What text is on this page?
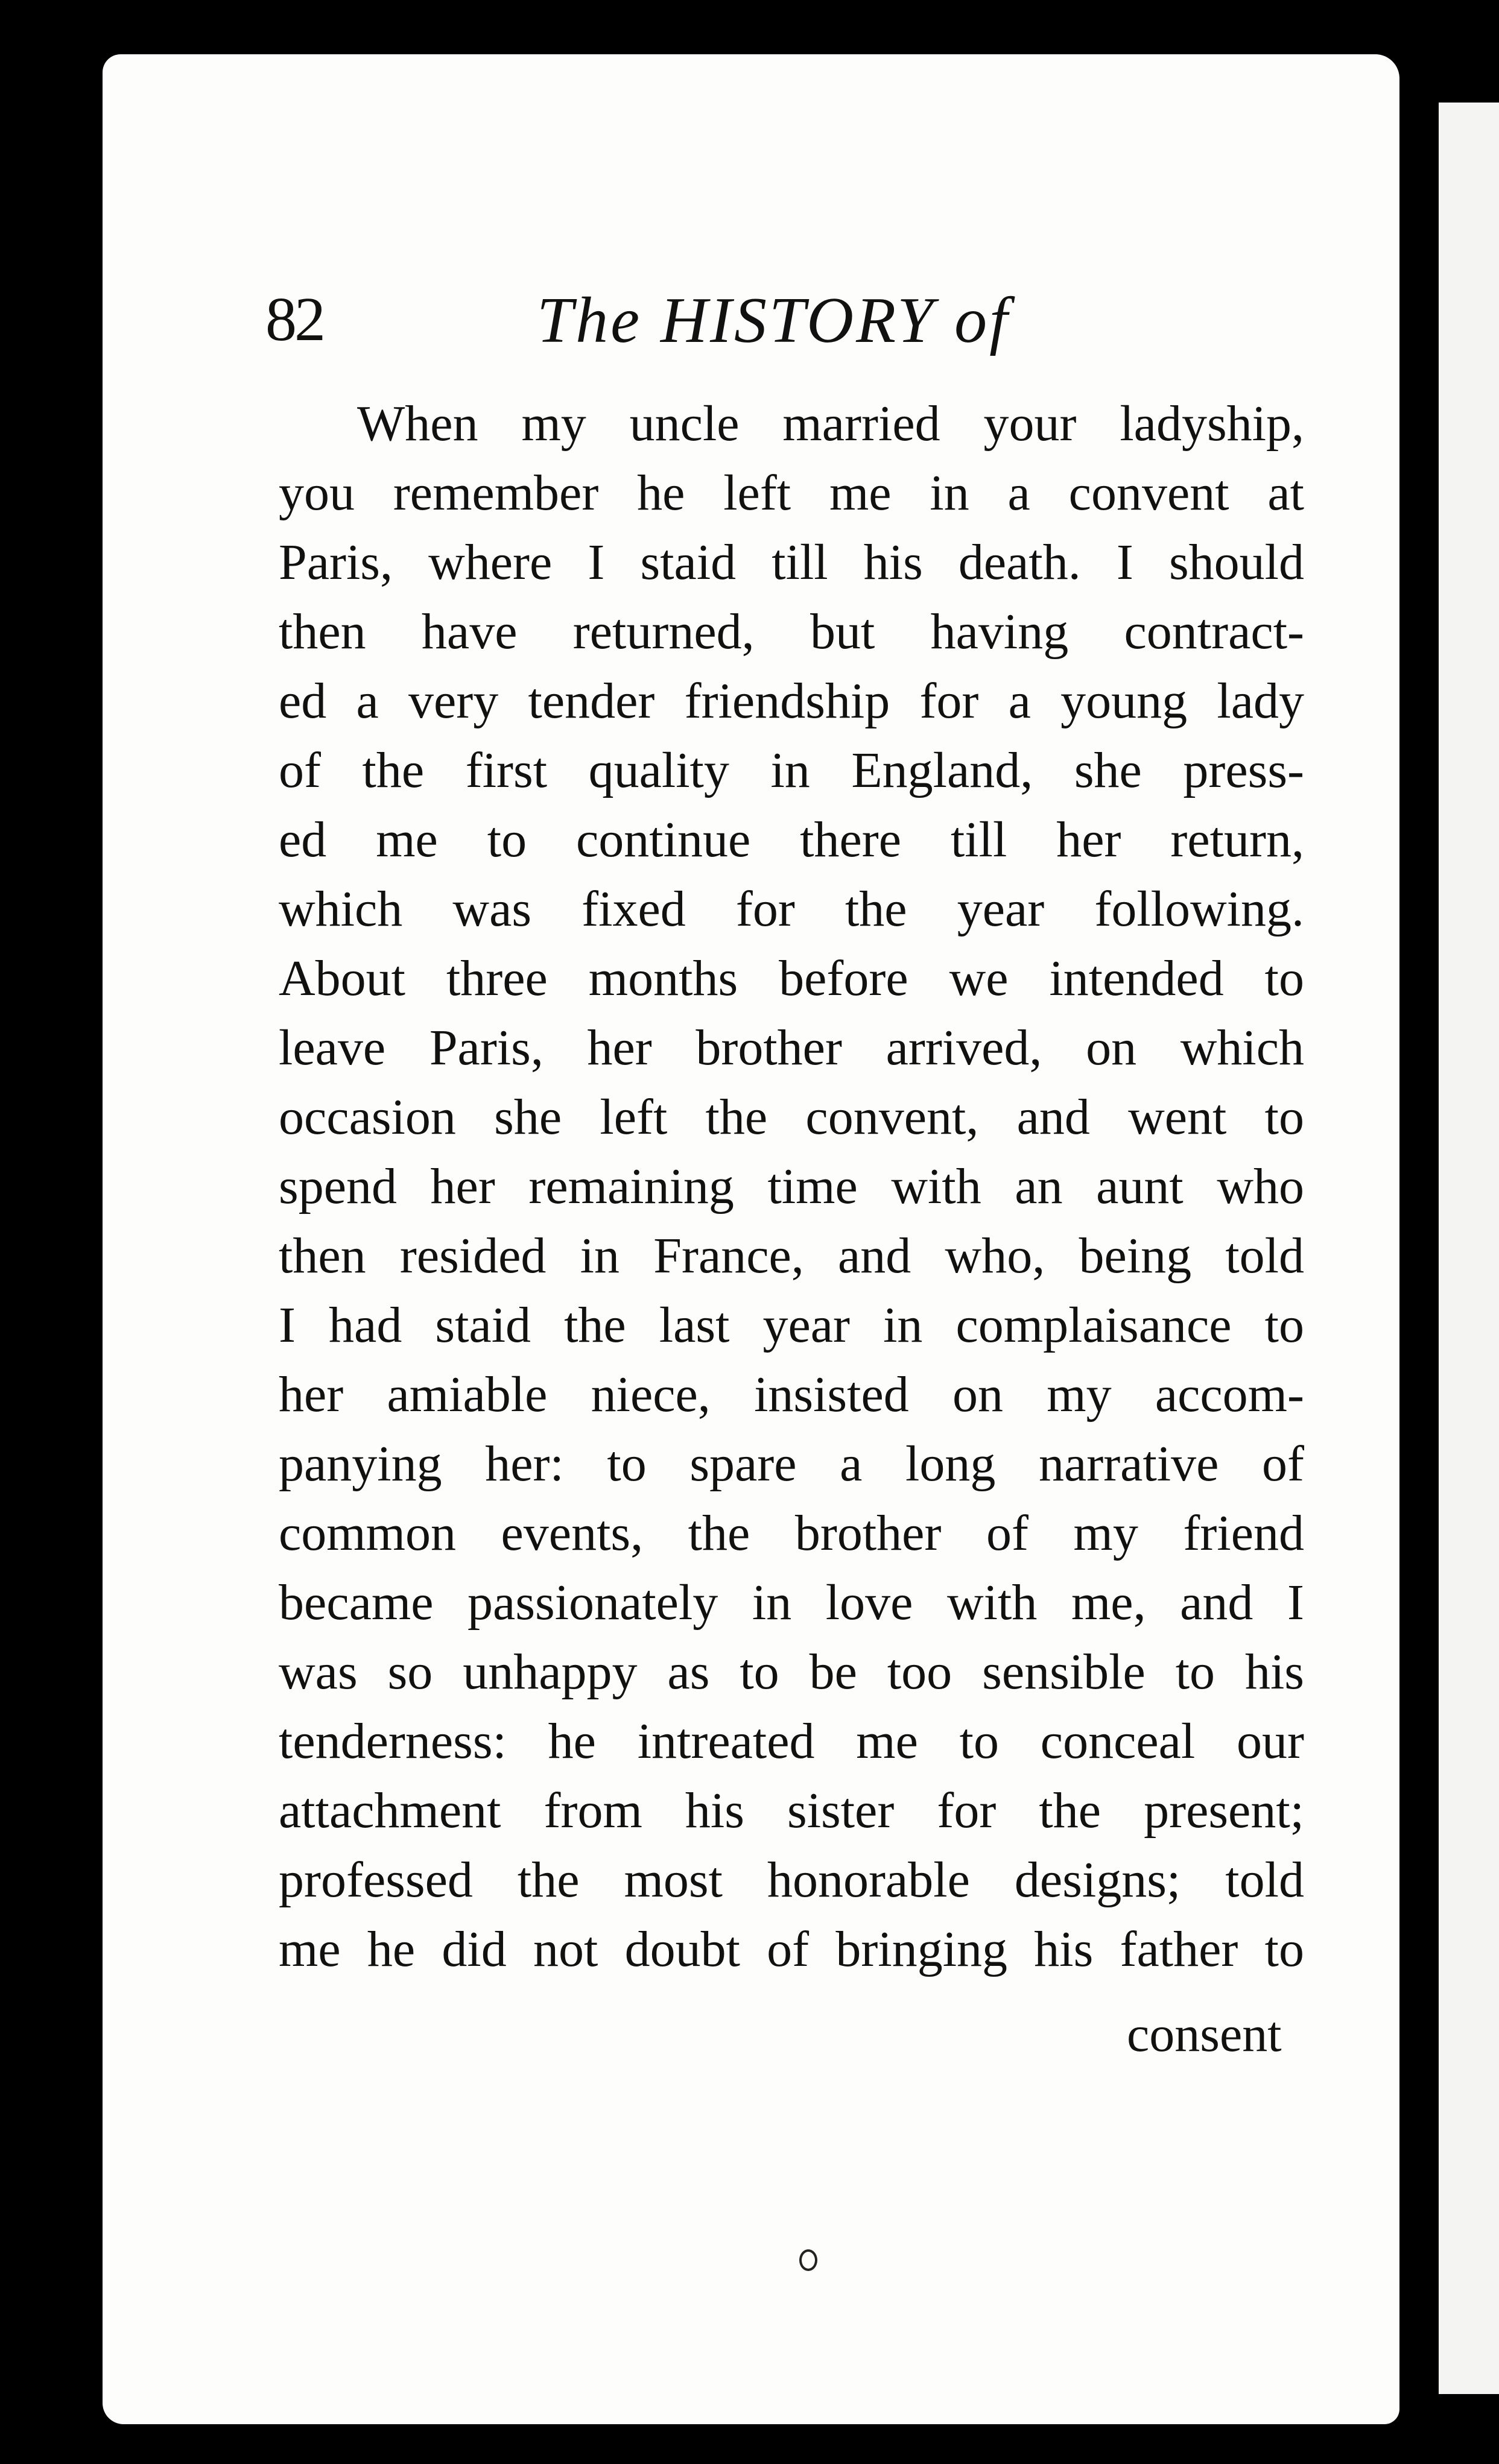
82	The HISTORY of
When my uncle married your ladyship,
you remember he left me in a convent at
Paris, where I staid till his death. I should
then have returned, but having contract-
ed a very tender friendship for a young lady
of the first quality in England, she press-
ed me to continue there till her return,
which was fixed for the year following.
About three months before we intended to
leave Paris, her brother arrived, on which
occasion she left the convent, and went to
spend her remaining time with an aunt who
then resided in France, and who, being told
I had staid the last year in complaisance to
her amiable niece, insisted on my accom-
panying her: to spare a long narrative of
common events, the brother of my friend
became passionately in love with me, and I
was so unhappy as to be too sensible to his
tenderness: he intreated me to conceal our
attachment from his sister for the present;
professed the most honorable designs; told
me he did not doubt of bringing his father to
consent
